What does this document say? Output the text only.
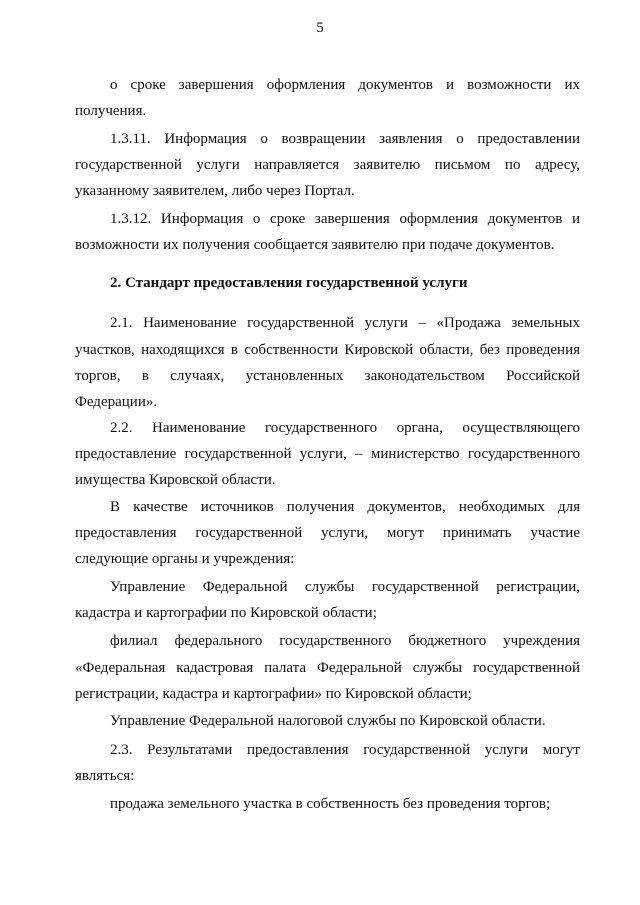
5
о сроке завершения оформления документов и возможности их
получения.
1.3.11. Информация о возвращении заявления о предоставлении
государственной услуги направляется заявителю письмом по адресу,
указанному заявителем, либо через Портал.
1.3.12. Информация о сроке завершения оформления документов и
возможности их получения сообщается заявителю при подаче документов.
2. Стандарт предоставления государственной услуги
2.1. Наименование государственной услуги – «Продажа земельных
участков, находящихся в собственности Кировской области, без проведения
торгов, в случаях, установленных законодательством Российской
Федерации».
2.2. Наименование государственного органа, осуществляющего
предоставление государственной услуги, – министерство государственного
имущества Кировской области.
В качестве источников получения документов, необходимых для
предоставления государственной услуги, могут принимать участие
следующие органы и учреждения:
Управление Федеральной службы государственной регистрации,
кадастра и картографии по Кировской области;
филиал федерального государственного бюджетного учреждения
«Федеральная кадастровая палата Федеральной службы государственной
регистрации, кадастра и картографии» по Кировской области;
Управление Федеральной налоговой службы по Кировской области.
2.3. Результатами предоставления государственной услуги могут
являться:
продажа земельного участка в собственность без проведения торгов;
